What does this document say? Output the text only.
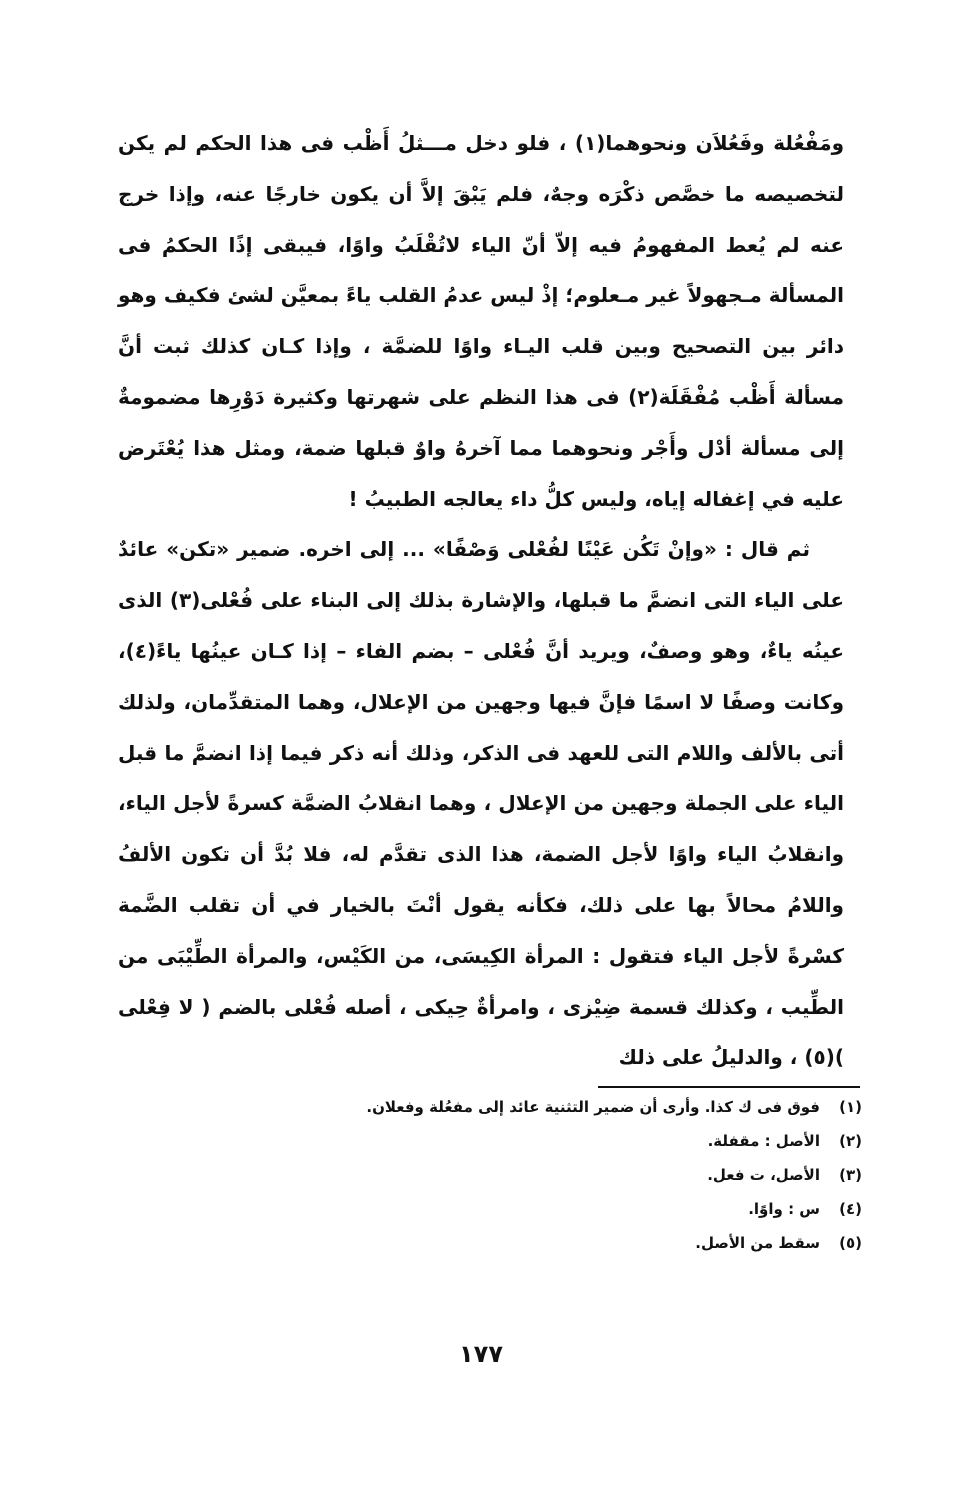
ومَفْعُلة وفَعُلاَن ونحوهما(١) ، فلو دخل مـــثلُ أَظْب فى هذا الحكم لم يكن لتخصيصه ما خصَّص ذكْرَه وجهٌ، فلم يَبْقَ إلاَّ أن يكون خارجًا عنه، وإذا خرج عنه لم يُعط المفهومُ فيه إلاّ أنّ الياء لاتُقْلَبُ واوًا، فيبقى إذًا الحكمُ فى المسألة مـجهولاً غير مـعلوم؛ إذْ ليس عدمُ القلب ياءً بمعيَّن لشئ فكيف وهو دائر بين التصحيح وبين قلب اليـاء واوًا للضمَّة ، وإذا كـان كذلك ثبت أنَّ مسألة أَظْب مُفْقَلَة(٢) فى هذا النظم على شهرتها وكثيرة دَوْرِها مضمومةٌ إلى مسألة أدْل وأَجْر ونحوهما مما آخرهُ واوٌ قبلها ضمة، ومثل هذا يُعْتَرض عليه في إغفاله إياه، وليس كلُّ داء يعالجه الطبيبُ !

ثم قال : «وإنْ تَكُن عَيْنًا لفُعْلى وَصْفًا» ... إلى اخره. ضمير «تكن» عائدٌ على الياء التى انضمَّ ما قبلها، والإشارة بذلك إلى البناء على فُعْلى(٣) الذى عينُه ياءٌ، وهو وصفٌ، ويريد أنَّ فُعْلى – بضم الفاء – إذا كـان عينُها ياءً(٤)، وكانت وصفًا لا اسمًا فإنَّ فيها وجهين من الإعلال، وهما المتقدِّمان، ولذلك أتى بالألف واللام التى للعهد فى الذكر، وذلك أنه ذكر فيما إذا انضمَّ ما قبل الياء على الجملة وجهين من الإعلال ، وهما انقلابُ الضمَّة كسرةً لأجل الياء، وانقلابُ الياء واوًا لأجل الضمة، هذا الذى تقدَّم له، فلا بُدَّ أن تكون الألفُ واللامُ محالاً بها على ذلك، فكأنه يقول أنْتَ بالخيار في أن تقلب الضَّمة كسْرةً لأجل الياء فتقول : المرأة الكِيسَى، من الكَيْس، والمرأة الطِّيْبَى من الطِّيب ، وكذلك قسمة ضِيْزى ، وامرأةٌ حِيكى ، أصله فُعْلى بالضم ( لا فِعْلى )(٥) ، والدليلُ على ذلك

(١)
فوق فى ك كذا. وأرى أن ضمير التثنية عائد إلى مفعُلة وفعلان.
(٢)
الأصل : مقفلة.
(٣)
الأصل، ت فعل.
(٤)
س : واوًا.
(٥)
سقط من الأصل.
١٧٧
